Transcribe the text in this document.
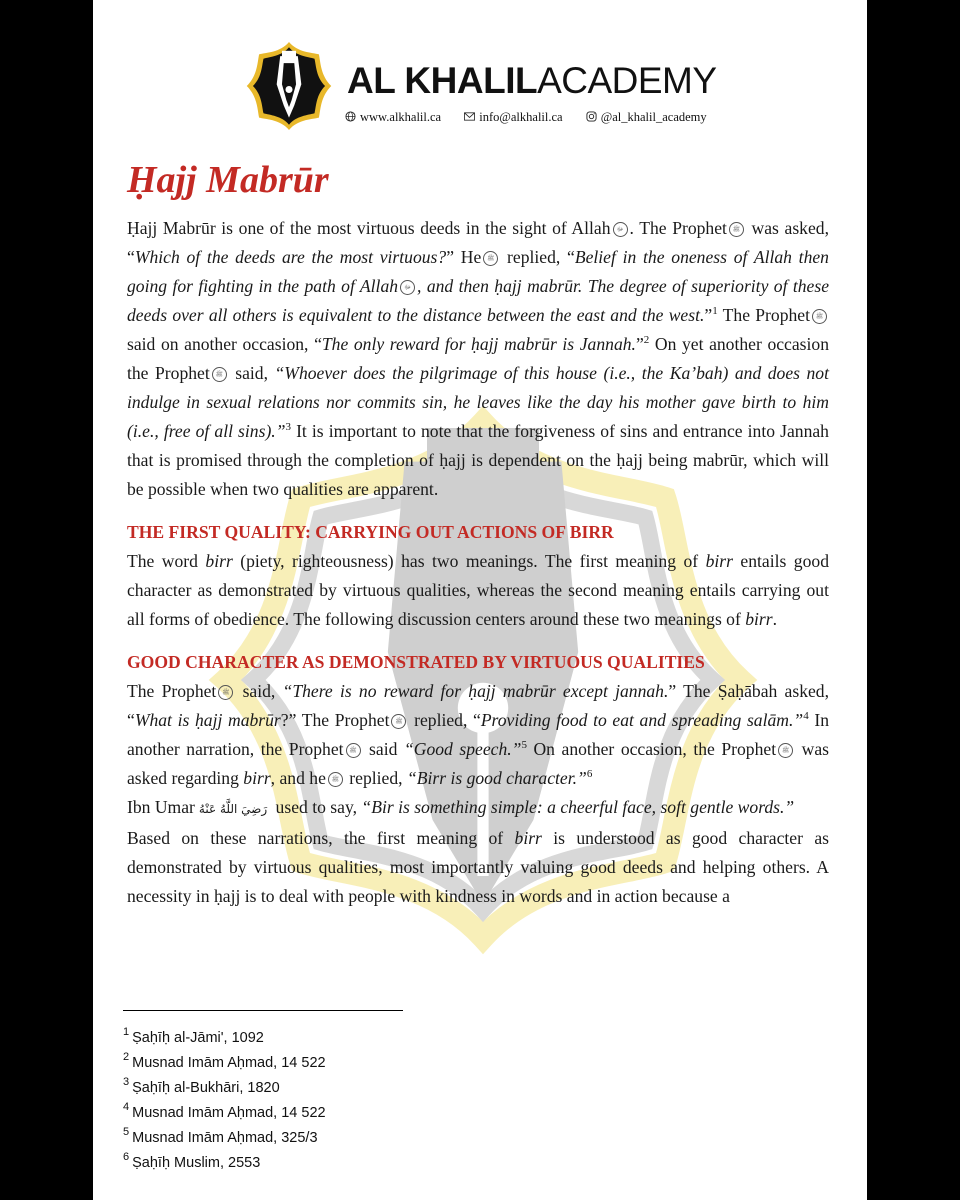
AL KHALILACADEMY
www.alkhalil.ca	info@alkhalil.ca	@al_khalil_academy
Ḥajj Mabrūr

Ḥajj Mabrūr is one of the most virtuous deeds in the sight of Allah ﷻ . The Prophet ﷺ was asked, “Which of the deeds are the most virtuous?” He ﷺ replied, “Belief in the oneness of Allah then going for fighting in the path of Allah ﷻ , and then ḥajj mabrūr. The degree of superiority of these deeds over all others is equivalent to the distance between the east and the west.”$^1$ The Prophet ﷺ said on another occasion, “The only reward for ḥajj mabrūr is Jannah.”$^2$ On yet another occasion the Prophet ﷺ said, “Whoever does the pilgrimage of this house (i.e., the Ka’bah) and does not indulge in sexual relations nor commits sin, he leaves like the day his mother gave birth to him (i.e., free of all sins).”$^3$ It is important to note that the forgiveness of sins and entrance into Jannah that is promised through the completion of ḥajj is dependent on the ḥajj being mabrūr, which will be possible when two qualities are apparent.

THE FIRST QUALITY: CARRYING OUT ACTIONS OF BIRR

The word birr (piety, righteousness) has two meanings. The first meaning of birr entails good character as demonstrated by virtuous qualities, whereas the second meaning entails carrying out all forms of obedience. The following discussion centers around these two meanings of birr.

GOOD CHARACTER AS DEMONSTRATED BY VIRTUOUS QUALITIES

The Prophet ﷺ said, “There is no reward for ḥajj mabrūr except jannah.” The Ṣaḥābah asked, “What is ḥajj mabrūr?” The Prophet ﷺ replied, “Providing food to eat and spreading salām.”$^4$ In another narration, the Prophet ﷺ said “Good speech.”$^5$ On another occasion, the Prophet ﷺ was asked regarding birr, and he ﷺ replied, “Birr is good character.”$^6$

Ibn Umar رَضِيَ اللَّهُ عَنْهُ used to say, “Bir is something simple: a cheerful face, soft gentle words.”

Based on these narrations, the first meaning of birr is understood as good character as demonstrated by virtuous qualities, most importantly valuing good deeds and helping others. A necessity in ḥajj is to deal with people with kindness in words and in action because a

$^1$ Ṣaḥīḥ al-Jāmi', 1092
$^2$ Musnad Imām Aḥmad, 14 522
$^3$ Ṣaḥīḥ al-Bukhāri, 1820
$^4$ Musnad Imām Aḥmad, 14 522
$^5$ Musnad Imām Aḥmad, 325/3
$^6$ Ṣaḥīḥ Muslim, 2553
